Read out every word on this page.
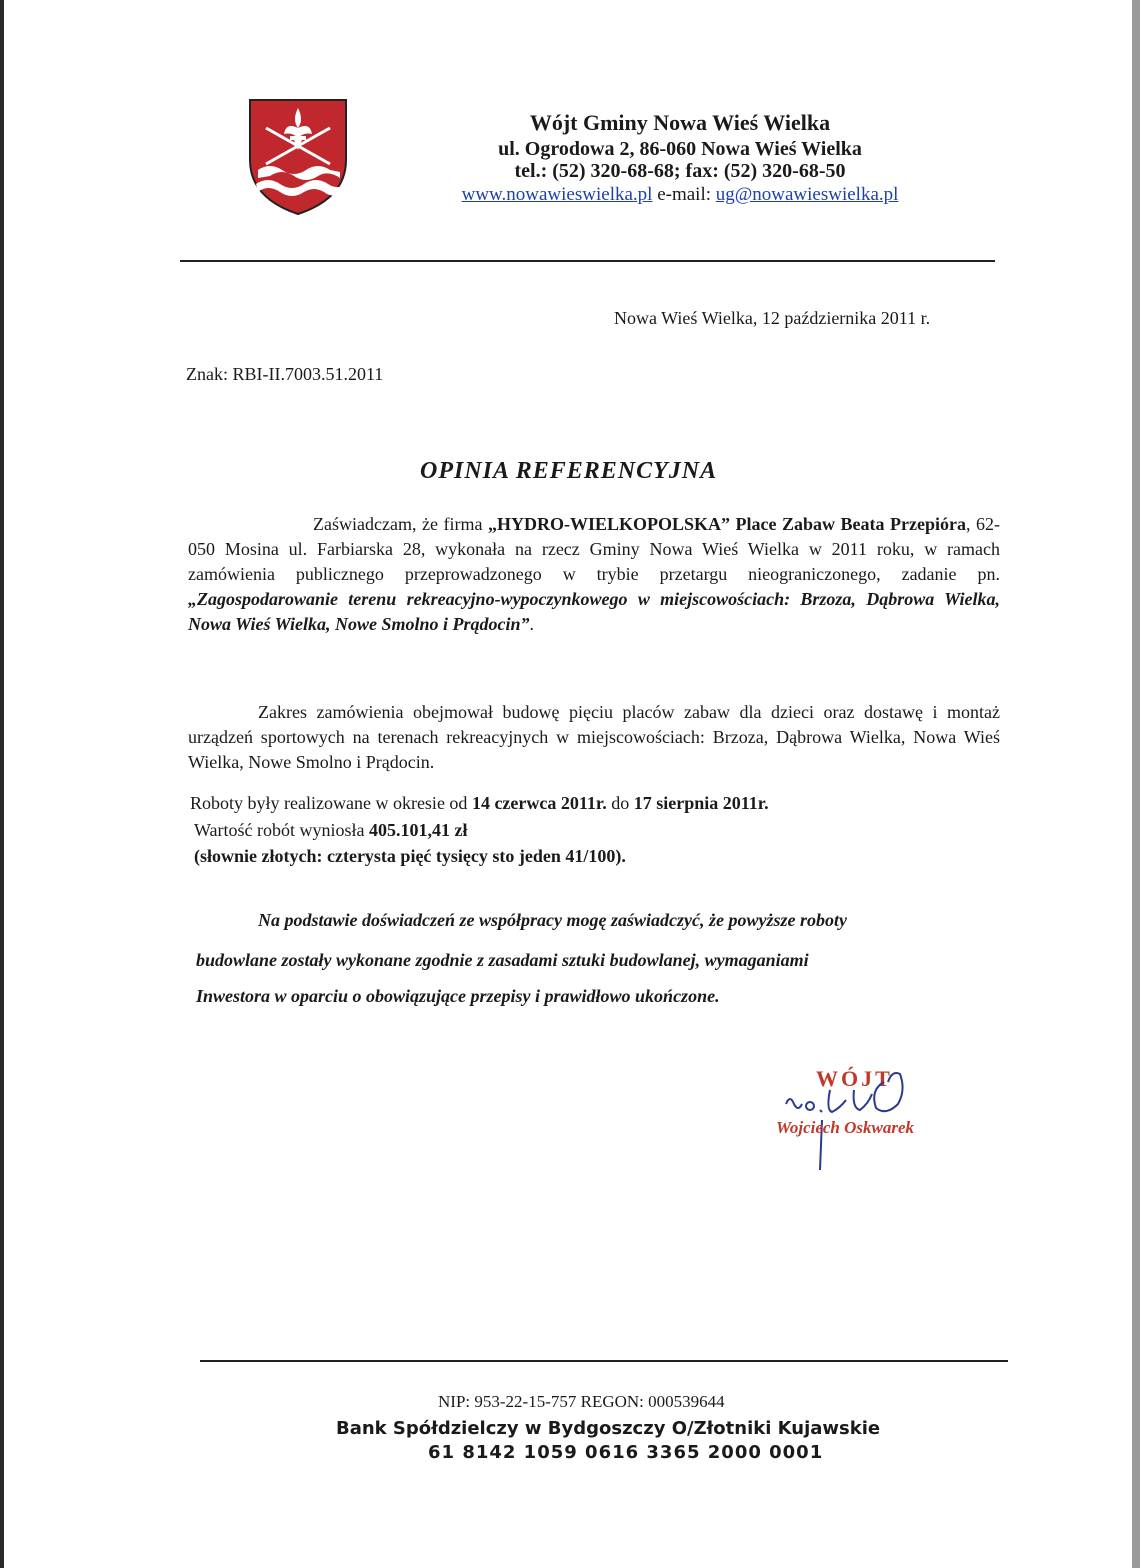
Wójt Gminy Nowa Wieś Wielka
ul. Ogrodowa 2, 86-060 Nowa Wieś Wielka
tel.: (52) 320-68-68; fax: (52) 320-68-50
www.nowawieswielka.pl e-mail: ug@nowawieswielka.pl
Nowa Wieś Wielka, 12 października 2011 r.
Znak: RBI-II.7003.51.2011
OPINIA REFERENCYJNA
Zaświadczam, że firma „HYDRO-WIELKOPOLSKA” Place Zabaw Beata Przepióra, 62-050 Mosina ul. Farbiarska 28, wykonała na rzecz Gminy Nowa Wieś Wielka w 2011 roku, w ramach zamówienia publicznego przeprowadzonego w trybie przetargu nieograniczonego, zadanie pn. „Zagospodarowanie terenu rekreacyjno-wypoczynkowego w miejscowościach: Brzoza, Dąbrowa Wielka, Nowa Wieś Wielka, Nowe Smolno i Prądocin”.
Zakres zamówienia obejmował budowę pięciu placów zabaw dla dzieci oraz dostawę i montaż urządzeń sportowych na terenach rekreacyjnych w miejscowościach: Brzoza, Dąbrowa Wielka, Nowa Wieś Wielka, Nowe Smolno i Prądocin.
Roboty były realizowane w okresie od 14 czerwca 2011r. do 17 sierpnia 2011r.
Wartość robót wyniosła 405.101,41 zł
(słownie złotych: czterysta pięć tysięcy sto jeden 41/100).
Na podstawie doświadczeń ze współpracy mogę zaświadczyć, że powyższe roboty
budowlane zostały wykonane zgodnie z zasadami sztuki budowlanej, wymaganiami
Inwestora w oparciu o obowiązujące przepisy i prawidłowo ukończone.
WÓJT
Wojciech Oskwarek
NIP: 953-22-15-757 REGON: 000539644
Bank Spółdzielczy w Bydgoszczy O/Złotniki Kujawskie
61 8142 1059 0616 3365 2000 0001
